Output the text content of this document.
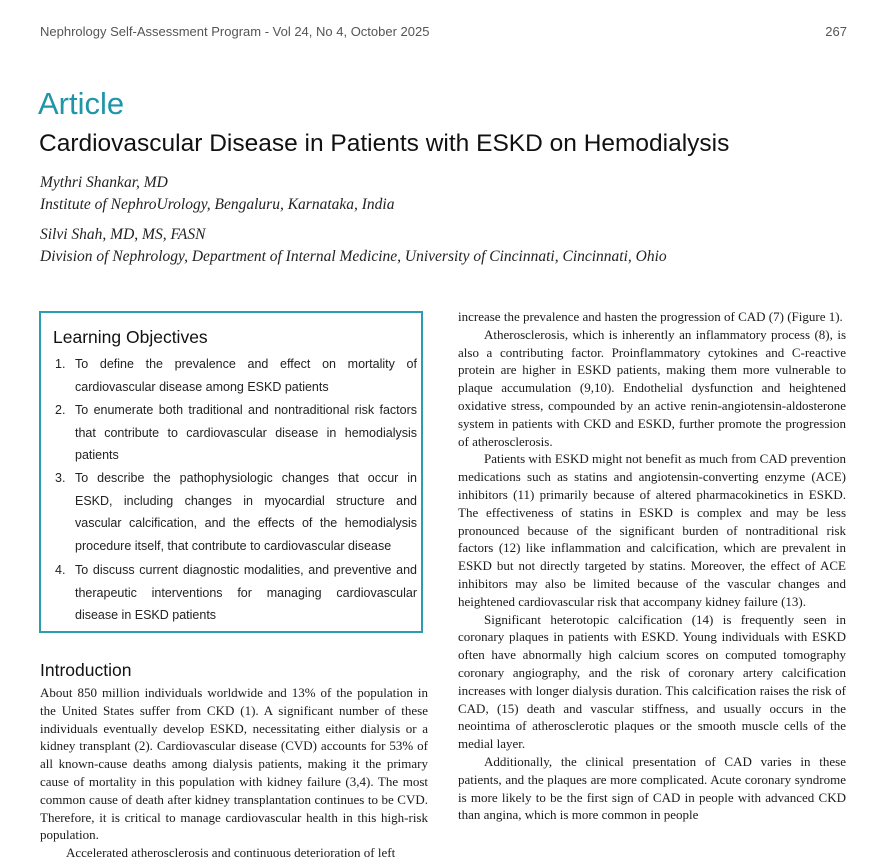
Nephrology Self-Assessment Program - Vol 24, No 4, October 2025	267
Article
Cardiovascular Disease in Patients with ESKD on Hemodialysis
Mythri Shankar, MD
Institute of NephroUrology, Bengaluru, Karnataka, India
Silvi Shah, MD, MS, FASN
Division of Nephrology, Department of Internal Medicine, University of Cincinnati, Cincinnati, Ohio
Learning Objectives
1. To define the prevalence and effect on mortality of cardiovascular disease among ESKD patients
2. To enumerate both traditional and nontraditional risk factors that contribute to cardiovascular disease in hemodialysis patients
3. To describe the pathophysiologic changes that occur in ESKD, including changes in myocardial structure and vascular calcification, and the effects of the hemodialysis procedure itself, that contribute to cardiovascular disease
4. To discuss current diagnostic modalities, and preventive and therapeutic interventions for managing cardiovascular disease in ESKD patients
Introduction

About 850 million individuals worldwide and 13% of the population in the United States suffer from CKD (1). A significant number of these individuals eventually develop ESKD, necessitating either dialysis or a kidney transplant (2). Cardiovascular disease (CVD) accounts for 53% of all known-cause deaths among dialysis patients, making it the primary cause of mortality in this population with kidney failure (3,4). The most common cause of death after kidney transplantation continues to be CVD. Therefore, it is critical to manage cardiovascular health in this high-risk population.

Accelerated atherosclerosis and continuous deterioration of left

increase the prevalence and hasten the progression of CAD (7) (Figure 1).

Atherosclerosis, which is inherently an inflammatory process (8), is also a contributing factor. Proinflammatory cytokines and C-reactive protein are higher in ESKD patients, making them more vulnerable to plaque accumulation (9,10). Endothelial dysfunction and heightened oxidative stress, compounded by an active renin-angiotensin-aldosterone system in patients with CKD and ESKD, further promote the progression of atherosclerosis.

Patients with ESKD might not benefit as much from CAD prevention medications such as statins and angiotensin-converting enzyme (ACE) inhibitors (11) primarily because of altered pharmacokinetics in ESKD. The effectiveness of statins in ESKD is complex and may be less pronounced because of the significant burden of nontraditional risk factors (12) like inflammation and calcification, which are prevalent in ESKD but not directly targeted by statins. Moreover, the effect of ACE inhibitors may also be limited because of the vascular changes and heightened cardiovascular risk that accompany kidney failure (13).

Significant heterotopic calcification (14) is frequently seen in coronary plaques in patients with ESKD. Young individuals with ESKD often have abnormally high calcium scores on computed tomography coronary angiography, and the risk of coronary artery calcification increases with longer dialysis duration. This calcification raises the risk of CAD, (15) death and vascular stiffness, and usually occurs in the neointima of atherosclerotic plaques or the smooth muscle cells of the medial layer.

Additionally, the clinical presentation of CAD varies in these patients, and the plaques are more complicated. Acute coronary syndrome is more likely to be the first sign of CAD in people with advanced CKD than angina, which is more common in people
